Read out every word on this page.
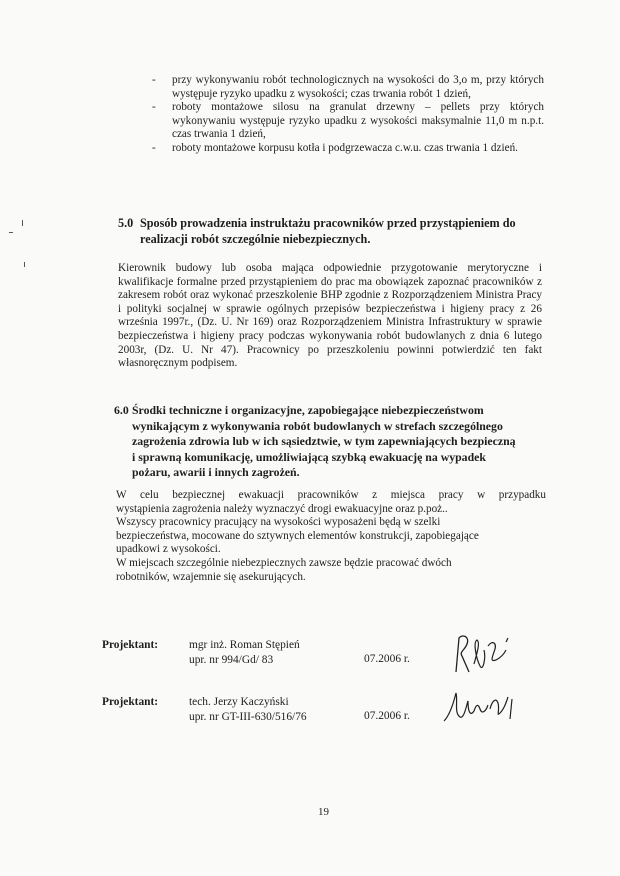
-	przy wykonywaniu robót technologicznych na wysokości do 3,o m, przy których występuje ryzyko upadku z wysokości; czas trwania robót 1 dzień,
-	roboty montażowe silosu na granulat drzewny – pellets przy których wykonywaniu występuje ryzyko upadku z wysokości maksymalnie 11,0 m n.p.t. czas trwania 1 dzień,
-	roboty montażowe korpusu kotła i podgrzewacza c.w.u. czas trwania 1 dzień.
5.0 Sposób prowadzenia instruktażu pracowników przed przystąpieniem do
realizacji robót szczególnie niebezpiecznych.
Kierownik budowy lub osoba mająca odpowiednie przygotowanie merytoryczne i kwalifikacje formalne przed przystąpieniem do prac ma obowiązek zapoznać pracowników z zakresem robót oraz wykonać przeszkolenie BHP zgodnie z Rozporządzeniem Ministra Pracy i polityki socjalnej w sprawie ogólnych przepisów bezpieczeństwa i higieny pracy z 26 września 1997r., (Dz. U. Nr 169) oraz Rozporządzeniem Ministra Infrastruktury w sprawie bezpieczeństwa i higieny pracy podczas wykonywania robót budowlanych z dnia 6 lutego 2003r, (Dz. U. Nr 47). Pracownicy po przeszkoleniu powinni potwierdzić ten fakt własnoręcznym podpisem.
6.0 Środki techniczne i organizacyjne, zapobiegające niebezpieczeństwom
wynikającym z wykonywania robót budowlanych w strefach szczególnego
zagrożenia zdrowia lub w ich sąsiedztwie, w tym zapewniających bezpieczną
i sprawną komunikację, umożliwiającą szybką ewakuację na wypadek
pożaru, awarii i innych zagrożeń.
W celu bezpiecznej ewakuacji pracowników z miejsca pracy w przypadku
wystąpienia zagrożenia należy wyznaczyć drogi ewakuacyjne oraz p.poż..
Wszyscy pracownicy pracujący na wysokości wyposażeni będą w szelki
bezpieczeństwa, mocowane do sztywnych elementów konstrukcji, zapobiegające
upadkowi z wysokości.
W miejscach szczególnie niebezpiecznych zawsze będzie pracować dwóch
robotników, wzajemnie się asekurujących.
Projektant:	mgr inż. Roman Stępień
upr. nr 994/Gd/ 83	07.2006 r.
Projektant:	tech. Jerzy Kaczyński
upr. nr GT-III-630/516/76	07.2006 r.
19
